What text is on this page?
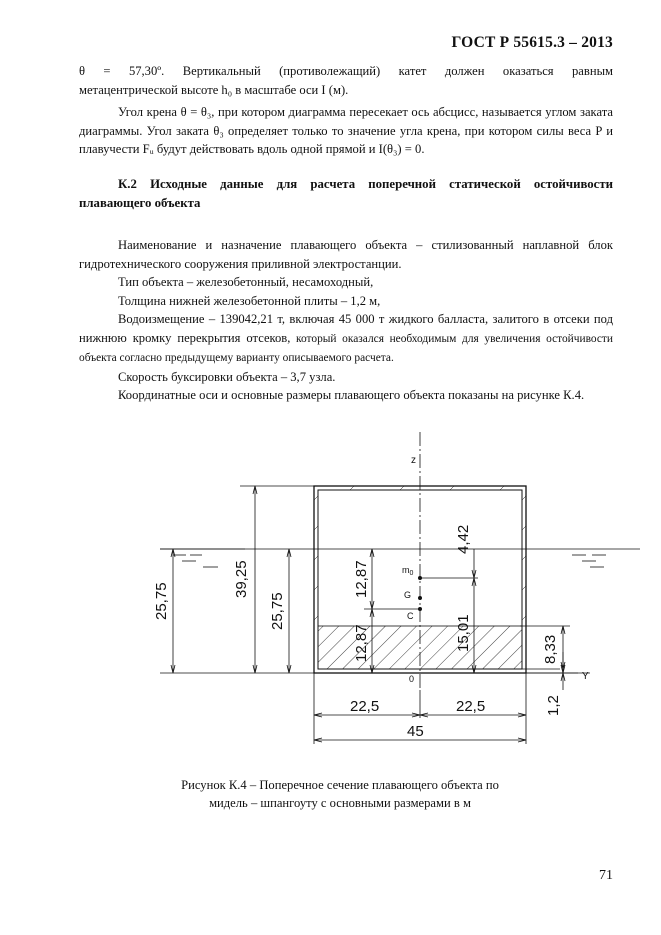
ГОСТ Р 55615.3 – 2013

θ = 57,30º. Вертикальный (противолежащий) катет должен оказаться равным

метацентрической высоте h₀ в масштабе оси I (м).

Угол крена θ = θ₃, при котором диаграмма пересекает ось абсцисс, называется углом заката диаграммы. Угол заката θ₃ определяет только то значение угла крена, при котором силы веса P и плавучести Fᵤ будут действовать вдоль одной прямой и I(θ₃) = 0.

К.2 Исходные данные для расчета поперечной статической остойчивости плавающего объекта

Наименование и назначение плавающего объекта – стилизованный наплавной блок гидротехнического сооружения приливной электростанции.

Тип объекта – железобетонный, несамоходный,

Толщина нижней железобетонной плиты – 1,2 м,

Водоизмещение – 139042,21 т, включая 45 000 т жидкого балласта, залитого в отсеки под нижнюю кромку перекрытия отсеков, который оказался необходимым для увеличения остойчивости объекта согласно предыдущему варианту описываемого расчета.

Скорость буксировки объекта – 3,7 узла.

Координатные оси и основные размеры плавающего объекта показаны на рисунке К.4.

z
Y
0
$m_0$
G
C
25,75
39,25
25,75
12,87
12,87
4,42
15,01	8,33
1,2
22,5	22,5
45
Рисунок К.4 – Поперечное сечение плавающего объекта по
мидель – шпангоуту с основными размерами в м
71
